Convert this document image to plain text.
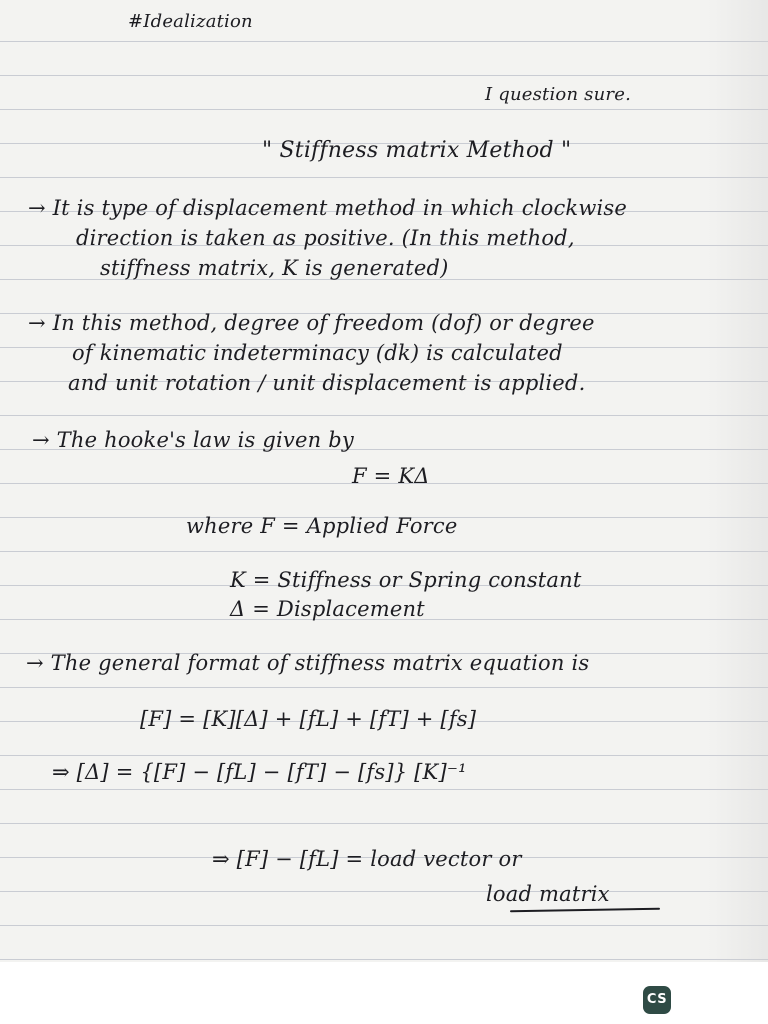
#Idealization
I question sure.
" Stiffness matrix Method "
→ It is type of displacement method in which clockwise
direction is taken as positive. (In this method,
stiffness matrix, K is generated)
→ In this method, degree of freedom (dof) or degree
of kinematic indeterminacy (dk) is calculated
and unit rotation / unit displacement is applied.
→ The hooke's law is given by
F = KΔ
where F = Applied Force
K = Stiffness or Spring constant
Δ = Displacement
→ The general format of stiffness matrix equation is
[F] = [K][Δ] + [fL] + [fT] + [fs]
⇒ [Δ] = {[F] − [fL] − [fT] − [fs]} [K]⁻¹
⇒ [F] − [fL] = load vector or
load matrix
CS
